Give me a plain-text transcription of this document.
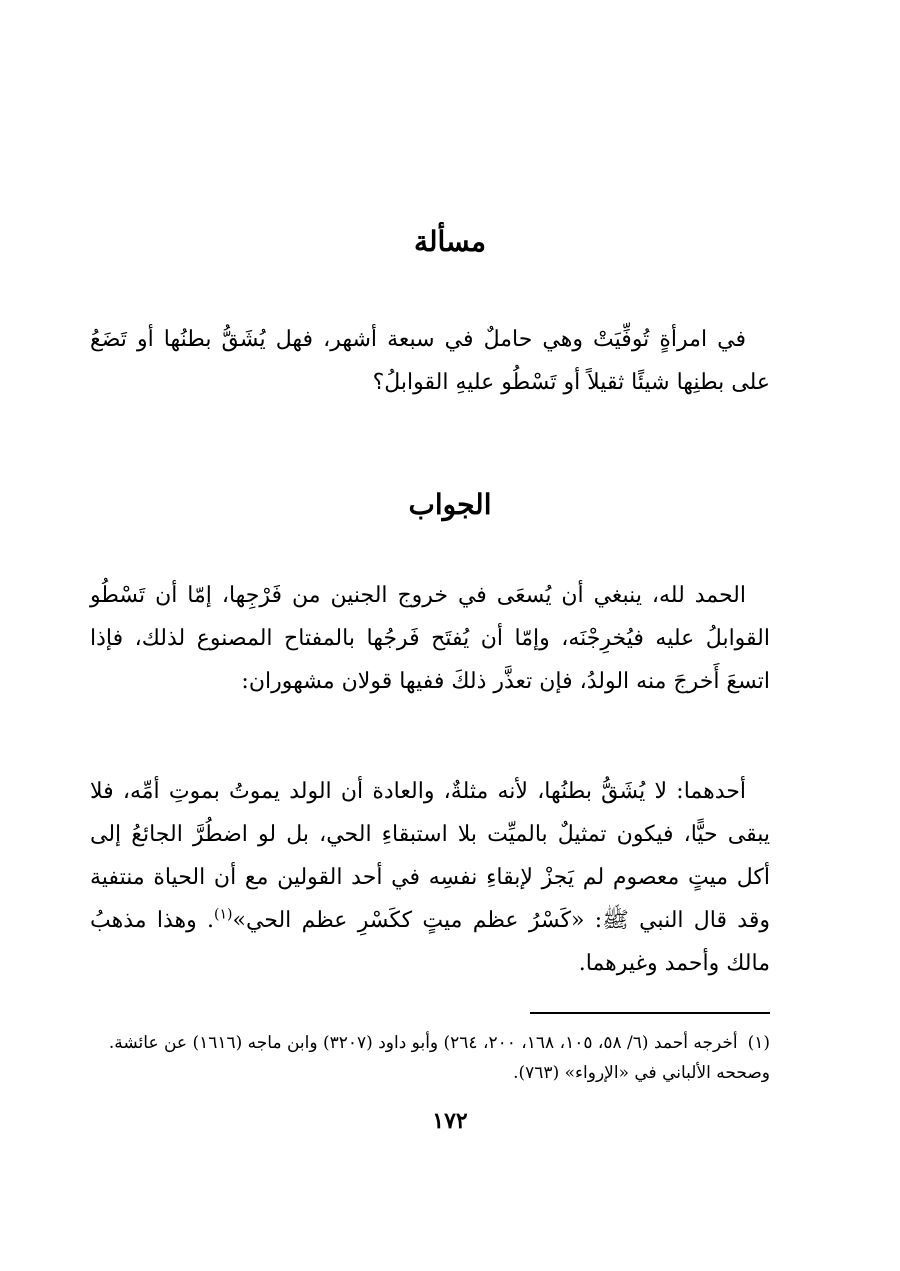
مسألة

في امرأةٍ تُوفِّيَتْ وهي حاملٌ في سبعة أشهر، فهل يُشَقُّ بطنُها أو تَضَعُ على بطنِها شيئًا ثقيلاً أو تَسْطُو عليهِ القوابلُ؟

الجواب

الحمد لله، ينبغي أن يُسعَى في خروج الجنين من فَرْجِها، إمّا أن تَسْطُو القوابلُ عليه فيُخرِجْنَه، وإمّا أن يُفتَح فَرجُها بالمفتاح المصنوع لذلك، فإذا اتسعَ أَخرجَ منه الولدُ، فإن تعذَّر ذلكَ ففيها قولان مشهوران:

أحدهما: لا يُشَقُّ بطنُها، لأنه مثلةٌ، والعادة أن الولد يموتُ بموتِ أمِّه، فلا يبقى حيًّا، فيكون تمثيلٌ بالميِّت بلا استبقاءِ الحي، بل لو اضطُرَّ الجائعُ إلى أكل ميتٍ معصوم لم يَجزْ لإبقاءِ نفسِه في أحد القولين مع أن الحياة منتفية وقد قال النبي ﷺ: «كَسْرُ عظم ميتٍ ككَسْرِ عظم الحي»$^{(١)}$. وهذا مذهبُ مالك وأحمد وغيرهما.

(١)أخرجه أحمد (٦/ ٥٨، ١٠٥، ١٦٨، ٢٠٠، ٢٦٤) وأبو داود (٣٢٠٧) وابن ماجه (١٦١٦) عن عائشة. وصححه الألباني في «الإرواء» (٧٦٣).

١٧٢
